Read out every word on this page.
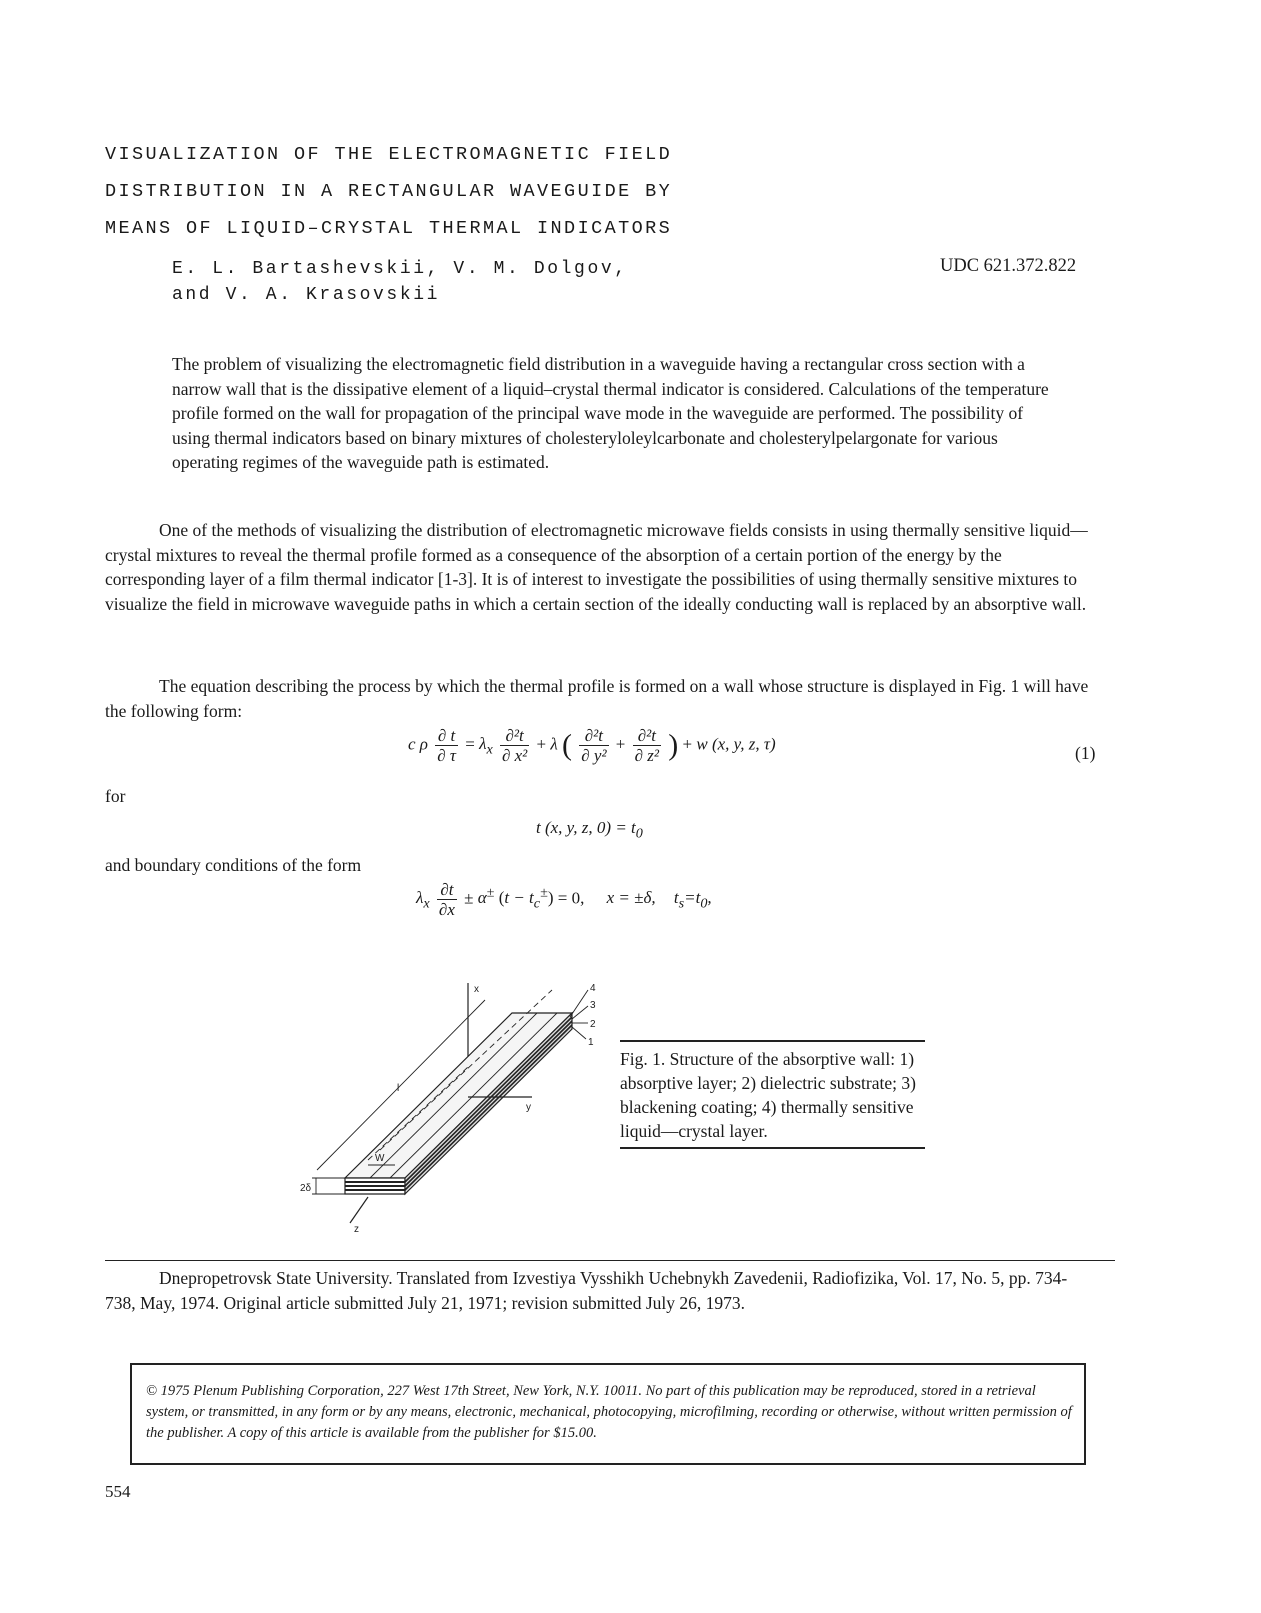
VISUALIZATION OF THE ELECTROMAGNETIC FIELD
DISTRIBUTION IN A RECTANGULAR WAVEGUIDE BY
MEANS OF LIQUID–CRYSTAL THERMAL INDICATORS
E. L. Bartashevskii, V. M. Dolgov,
and V. A. Krasovskii
UDC 621.372.822
The problem of visualizing the electromagnetic field distribution in a waveguide having a rectangular cross section with a narrow wall that is the dissipative element of a liquid–crystal thermal indicator is considered. Calculations of the temperature profile formed on the wall for propagation of the principal wave mode in the waveguide are performed. The possibility of using thermal indicators based on binary mixtures of cholesteryloleylcarbonate and cholesterylpelargonate for various operating regimes of the waveguide path is estimated.
One of the methods of visualizing the distribution of electromagnetic microwave fields consists in using thermally sensitive liquid—crystal mixtures to reveal the thermal profile formed as a consequence of the absorption of a certain portion of the energy by the corresponding layer of a film thermal indicator [1-3]. It is of interest to investigate the possibilities of using thermally sensitive mixtures to visualize the field in microwave waveguide paths in which a certain section of the ideally conducting wall is replaced by an absorptive wall.
The equation describing the process by which the thermal profile is formed on a wall whose structure is displayed in Fig. 1 will have the following form:
c ρ $\frac{\partial t}{\partial \tau} = \lambda_x \frac{\text{∂²t}}{\text{∂ x²}} + \lambda$ ( $\frac{\text{∂²t}}{\text{∂ y²}} + \frac{\text{∂²t}}{\text{∂ z²}}$ ) + w (x, y, z, τ)	(1)
for
t (x, y, z, $0) = t_0$
and boundary conditions of the form
$\lambda_x \frac{\partial t}{\partial x} \pm \alpha^\pm$ $(t - t_c^\pm) = 0$, x = ±δ, $t_s=t_0$,
x
y
z
l
W
2δ
4
3
2
1
Fig. 1. Structure of the absorptive wall: 1) absorptive layer; 2) dielectric substrate; 3) blackening coating; 4) thermally sensitive liquid—crystal layer.
Dnepropetrovsk State University. Translated from Izvestiya Vysshikh Uchebnykh Zavedenii, Radiofizika, Vol. 17, No. 5, pp. 734-738, May, 1974. Original article submitted July 21, 1971; revision submitted July 26, 1973.
© 1975 Plenum Publishing Corporation, 227 West 17th Street, New York, N.Y. 10011. No part of this publication may be reproduced, stored in a retrieval system, or transmitted, in any form or by any means, electronic, mechanical, photocopying, microfilming, recording or otherwise, without written permission of the publisher. A copy of this article is available from the publisher for $15.00.
554
